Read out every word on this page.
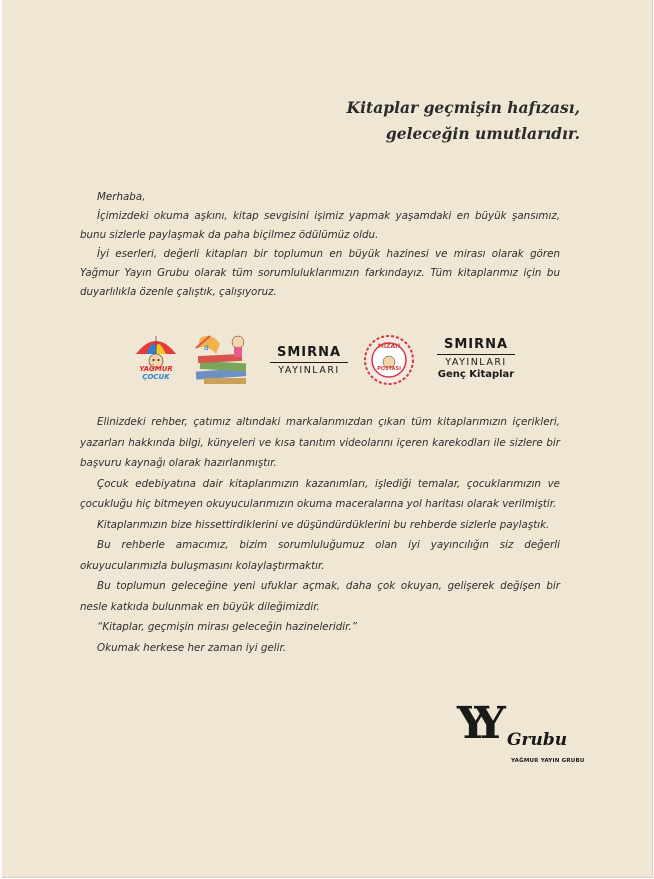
Kitaplar geçmişin hafızası,
geleceğin umutlarıdır.

Merhaba,

İçimizdeki okuma aşkını, kitap sevgisini işimiz yapmak yaşamdaki en büyük şansımız, bunu sizlerle paylaşmak da paha biçilmez ödülümüz oldu.

İyi eserleri, değerli kitapları bir toplumun en büyük hazinesi ve mirası olarak gören Yağmur Yayın Grubu olarak tüm sorumluluklarımızın farkındayız. Tüm kitaplarımız için bu duyarlılıkla özenle çalıştık, çalışıyoruz.

YAĞMUR
ÇOCUK
a	SMIRNA
YAYINLARI
MİZAH
POSTASI
SMIRNA
YAYINLARI
Genç Kitaplar

Elinizdeki rehber, çatımız altındaki markalarımızdan çıkan tüm kitaplarımızın içerikleri, yazarları hakkında bilgi, künyeleri ve kısa tanıtım videolarını içeren karekodları ile sizlere bir başvuru kaynağı olarak hazırlanmıştır.

Çocuk edebiyatına dair kitaplarımızın kazanımları, işlediği temalar, çocuklarımızın ve çocukluğu hiç bitmeyen okuyucularımızın okuma maceralarına yol haritası olarak verilmiştir.

Kitaplarımızın bize hissettirdiklerini ve düşündürdüklerini bu rehberde sizlerle paylaştık.

Bu rehberle amacımız, bizim sorumluluğumuz olan iyi yayıncılığın siz değerli okuyucularımızla buluşmasını kolaylaştırmaktır.

Bu toplumun geleceğine yeni ufuklar açmak, daha çok okuyan, gelişerek değişen bir nesle katkıda bulunmak en büyük dileğimizdir.

“Kitaplar, geçmişin mirası geleceğin hazineleridir.”

Okumak herkese her zaman iyi gelir.

YY Grubu
YAĞMUR YAYIN GRUBU
